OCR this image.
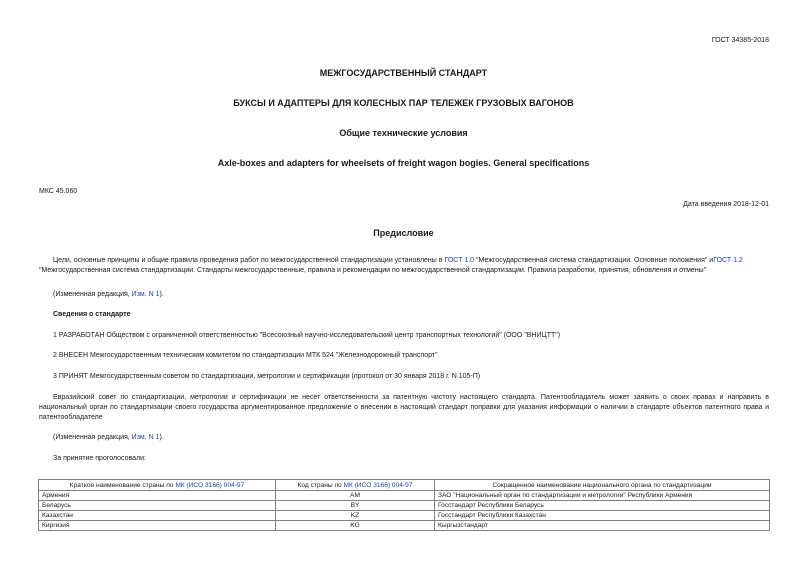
ГОСТ 34385-2018
МЕЖГОСУДАРСТВЕННЫЙ СТАНДАРТ
БУКСЫ И АДАПТЕРЫ ДЛЯ КОЛЕСНЫХ ПАР ТЕЛЕЖЕК ГРУЗОВЫХ ВАГОНОВ
Общие технические условия
Axle-boxes and adapters for wheelsets of freight wagon bogies. General specifications
МКС 45.060
Дата введения 2018-12-01
Предисловие
Цели, основные принципы и общие правила проведения работ по межгосударственной стандартизации установлены в ГОСТ 1.0 "Межгосударственная система стандартизации. Основные положения" иГОСТ 1.2 "Межгосударственная система стандартизации. Стандарты межгосударственные, правила и рекомендации по межгосударственной стандартизации. Правила разработки, принятия, обновления и отмены"
(Измененная редакция, Изм. N 1).
Сведения о стандарте
1 РАЗРАБОТАН Обществом с ограниченной ответственностью "Всесоюзный научно-исследовательский центр транспортных технологий" (ООО "ВНИЦТТ")
2 ВНЕСЕН Межгосударственным техническим комитетом по стандартизации МТК 524 "Железнодорожный транспорт"
3 ПРИНЯТ Межгосударственным советом по стандартизации, метрологии и сертификации (протокол от 30 января 2018 г. N 105-П)
Евразийский совет по стандартизации, метрологии и сертификации не несет ответственности за патентную чистоту настоящего стандарта. Патентообладатель может заявить о своих правах и направить в национальный орган по стандартизации своего государства аргументированное предложение о внесении в настоящий стандарт поправки для указания информации о наличии в стандарте объектов патентного права и патентообладателе
(Измененная редакция, Изм. N 1).
За принятие проголосовали:
Краткое наименование страны по МК (ИСО 3166) 004-97	Код страны по МК (ИСО 3166) 004-97	Сокращенное наименование национального органа по стандартизации
Армения	AM	ЗАО "Национальный орган по стандартизации и метрологии" Республики Армения
Беларусь	BY	Госстандарт Республики Беларусь
Казахстан	KZ	Госстандарт Республики Казахстан
Киргизия	KG	Кыргызстандарт
